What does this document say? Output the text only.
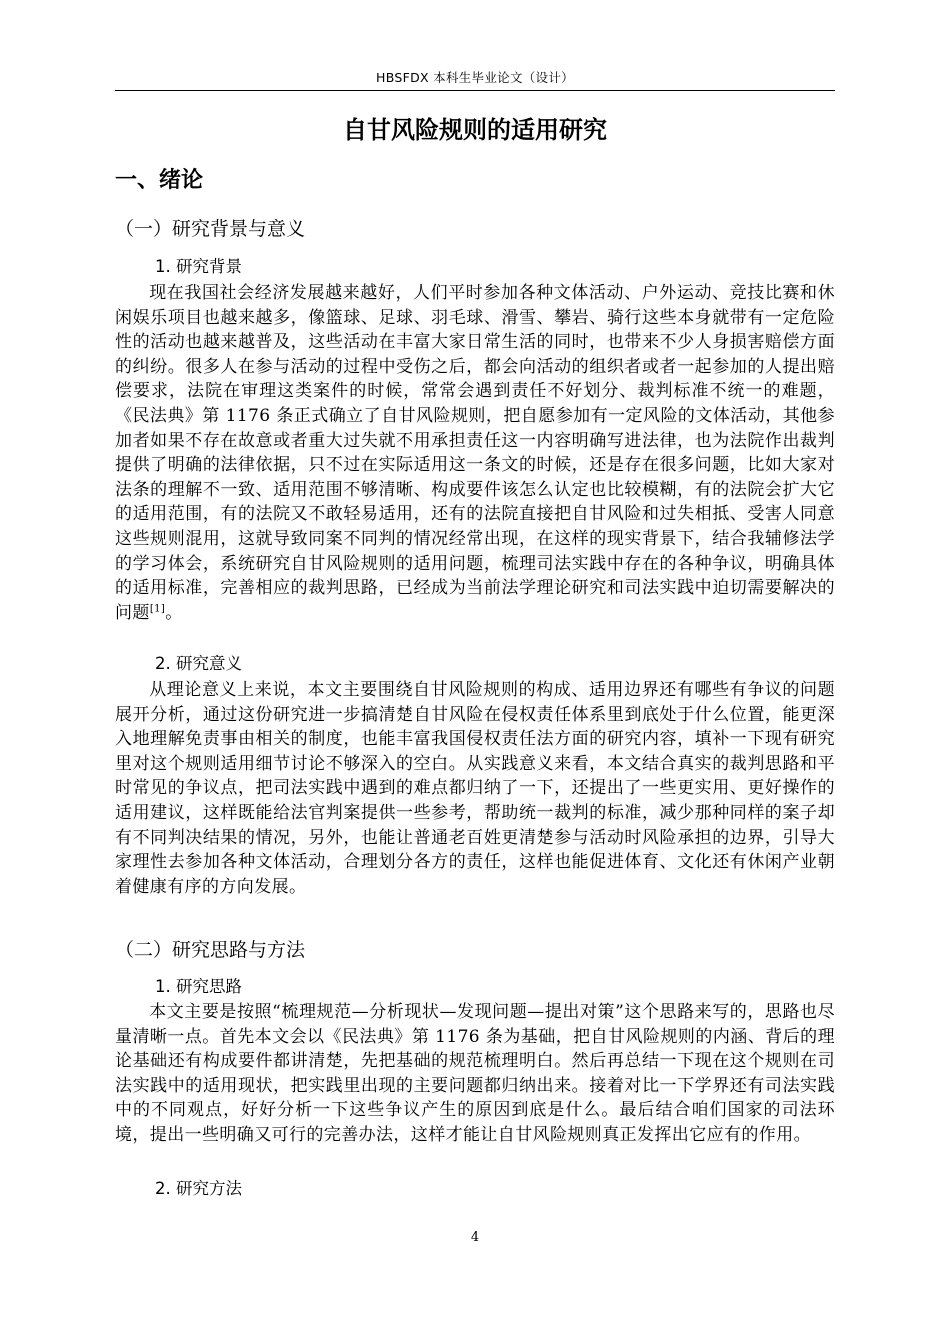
HBSFDX 本科生毕业论文（设计）
自甘风险规则的适用研究
一、绪论
（一）研究背景与意义
1. 研究背景
现在我国社会经济发展越来越好，人们平时参加各种文体活动、户外运动、竞技比赛和休闲娱乐项目也越来越多，像篮球、足球、羽毛球、滑雪、攀岩、骑行这些本身就带有一定危险性的活动也越来越普及，这些活动在丰富大家日常生活的同时，也带来不少人身损害赔偿方面的纠纷。很多人在参与活动的过程中受伤之后，都会向活动的组织者或者一起参加的人提出赔偿要求，法院在审理这类案件的时候，常常会遇到责任不好划分、裁判标准不统一的难题，《民法典》第 1176 条正式确立了自甘风险规则，把自愿参加有一定风险的文体活动，其他参加者如果不存在故意或者重大过失就不用承担责任这一内容明确写进法律，也为法院作出裁判提供了明确的法律依据，只不过在实际适用这一条文的时候，还是存在很多问题，比如大家对法条的理解不一致、适用范围不够清晰、构成要件该怎么认定也比较模糊，有的法院会扩大它的适用范围，有的法院又不敢轻易适用，还有的法院直接把自甘风险和过失相抵、受害人同意这些规则混用，这就导致同案不同判的情况经常出现，在这样的现实背景下，结合我辅修法学的学习体会，系统研究自甘风险规则的适用问题，梳理司法实践中存在的各种争议，明确具体的适用标准，完善相应的裁判思路，已经成为当前法学理论研究和司法实践中迫切需要解决的问题[1]。
2. 研究意义
从理论意义上来说，本文主要围绕自甘风险规则的构成、适用边界还有哪些有争议的问题展开分析，通过这份研究进一步搞清楚自甘风险在侵权责任体系里到底处于什么位置，能更深入地理解免责事由相关的制度，也能丰富我国侵权责任法方面的研究内容，填补一下现有研究里对这个规则适用细节讨论不够深入的空白。从实践意义来看，本文结合真实的裁判思路和平时常见的争议点，把司法实践中遇到的难点都归纳了一下，还提出了一些更实用、更好操作的适用建议，这样既能给法官判案提供一些参考，帮助统一裁判的标准，减少那种同样的案子却有不同判决结果的情况，另外，也能让普通老百姓更清楚参与活动时风险承担的边界，引导大家理性去参加各种文体活动，合理划分各方的责任，这样也能促进体育、文化还有休闲产业朝着健康有序的方向发展。
（二）研究思路与方法
1. 研究思路
本文主要是按照“梳理规范—分析现状—发现问题—提出对策”这个思路来写的，思路也尽量清晰一点。首先本文会以《民法典》第 1176 条为基础，把自甘风险规则的内涵、背后的理论基础还有构成要件都讲清楚，先把基础的规范梳理明白。然后再总结一下现在这个规则在司法实践中的适用现状，把实践里出现的主要问题都归纳出来。接着对比一下学界还有司法实践中的不同观点，好好分析一下这些争议产生的原因到底是什么。最后结合咱们国家的司法环境，提出一些明确又可行的完善办法，这样才能让自甘风险规则真正发挥出它应有的作用。
2. 研究方法
4
